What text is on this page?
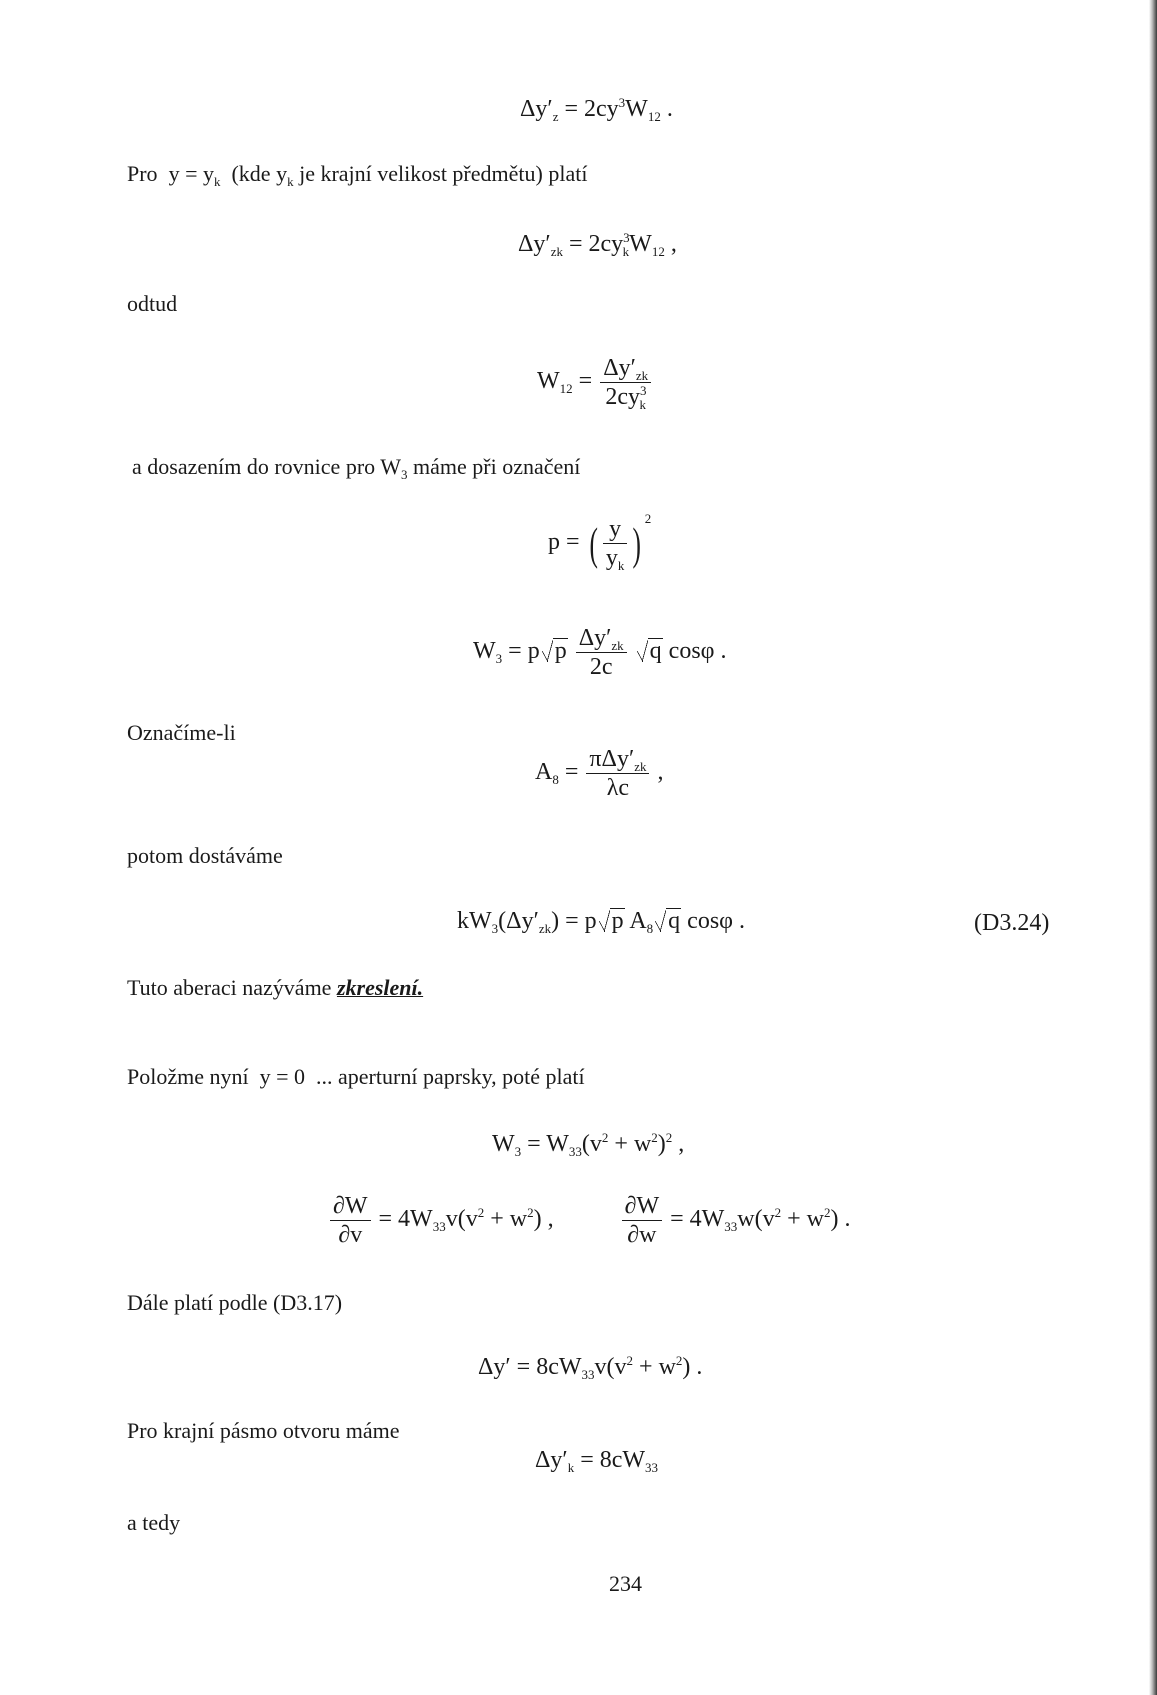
$\Delta y'_z = 2cy^3W_{12}$ .
Pro  $y = y_k$ (kde $y_k$ je krajní velikost předmětu) platí
$\Delta y'_{zk} = 2cy^3_kW_{12}$ ,
odtud
$W_{12} = \frac{\Delta y'_{zk}}{2cy^3_k}$
a dosazením do rovnice pro $W_3$ máme při označení
p = ( $\frac{y}{y_k}$ ) $^2$
$W_3 = p$ p $\frac{\Delta y'_{zk}}{2c}$ q cosφ .
Označíme-li
$A_8 = \frac{\pi\Delta y'_{zk}}{\lambda c}$ ,
potom dostáváme
$kW_3(\Delta y'_{zk}) = p$ p $A_8$ q cosφ .	(D3.24)
Tuto aberaci nazýváme zkreslení.
Položme nyní  y = 0  ... aperturní paprsky, poté platí
$W_3 = W_{33}(v^2 + w^2)^2$ ,
$\frac{\partial W}{\partial v} = 4W_{33}v(v^2 + w^2)$ ,	$\frac{\partial W}{\partial w} = 4W_{33}w(v^2 + w^2)$ .
Dále platí podle (D3.17)
$\Delta y' = 8cW_{33}v(v^2 + w^2)$ .
Pro krajní pásmo otvoru máme
$\Delta y'_k = 8cW_{33}$
a tedy
234
